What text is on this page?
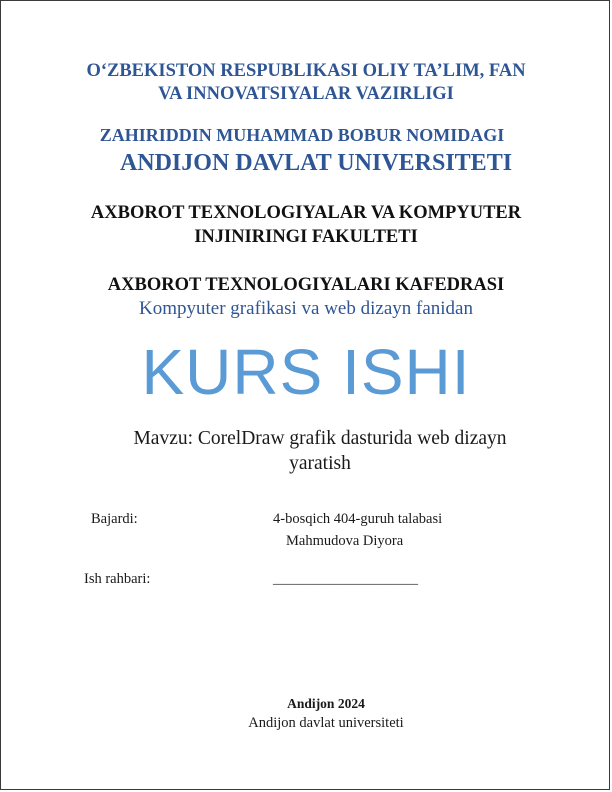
O‘ZBEKISTON RESPUBLIKASI OLIY TA’LIM, FAN
VA INNOVATSIYALAR VAZIRLIGI
ZAHIRIDDIN MUHAMMAD BOBUR NOMIDAGI
ANDIJON DAVLAT UNIVERSITETI
AXBOROT TEXNOLOGIYALAR VA KOMPYUTER
INJINIRINGI FAKULTETI
AXBOROT TEXNOLOGIYALARI KAFEDRASI
Kompyuter grafikasi va web dizayn fanidan
KURS ISHI
Mavzu: CorelDraw grafik dasturida web dizayn
yaratish
Bajardi:	4-bosqich 404-guruh talabasi
Mahmudova Diyora
Ish rahbari:	____________________
Andijon 2024
Andijon davlat universiteti
